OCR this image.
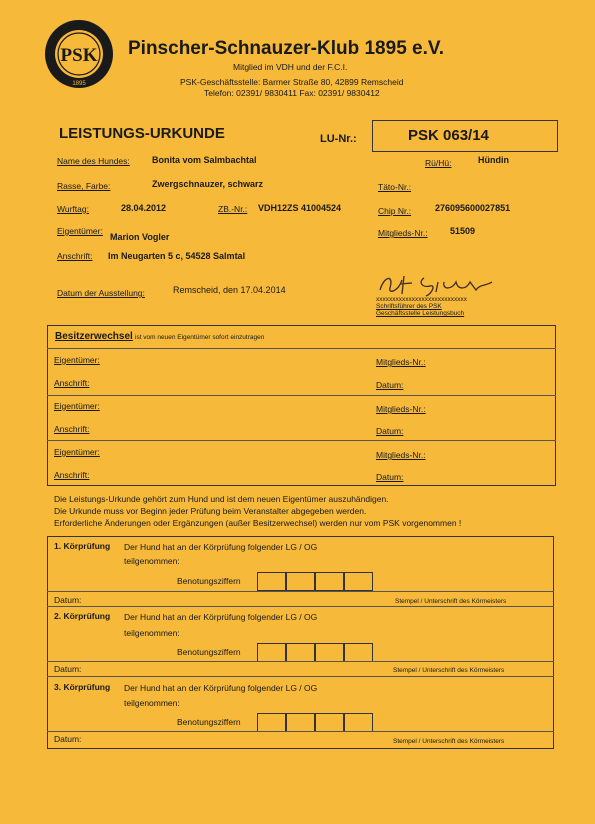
PSK
1895
Pinscher-Schnauzer-Klub 1895 e.V.
Mitglied im VDH und der F.C.I.
PSK-Geschäftsstelle: Barmer Straße 80, 42899 Remscheid
Telefon: 02391/ 9830411 Fax: 02391/ 9830412
LEISTUNGS-URKUNDE	LU-Nr.:	PSK 063/14
Name des Hundes: Bonita vom Salmbachtal	Rü/Hü:	Hündin
Rasse, Farbe:	Zwergschnauzer, schwarz	Täto-Nr.:
Wurftag:	28.04.2012	ZB.-Nr.: VDH12ZS 41004524	Chip Nr.:	276095600027851
Eigentümer:
Marion Vogler	Mitglieds-Nr.: 51509
Anschrift: Im Neugarten 5 c, 54528 Salmtal
Datum der Ausstellung:	Remscheid, den 17.04.2014
xxxxxxxxxxxxxxxxxxxxxxxxxxxx
Schriftsführer des PSK
Geschäftsstelle Leistungsbuch
Besitzerwechsel ist vom neuen Eigentümer sofort einzutragen
Eigentümer:	Mitglieds-Nr.:
Anschrift:	Datum:
Eigentümer:	Mitglieds-Nr.:
Anschrift:	Datum:
Eigentümer:	Mitglieds-Nr.:
Anschrift:	Datum:
Die Leistungs-Urkunde gehört zum Hund und ist dem neuen Eigentümer auszuhändigen.
Die Urkunde muss vor Beginn jeder Prüfung beim Veranstalter abgegeben werden.
Erforderliche Änderungen oder Ergänzungen (außer Besitzerwechsel) werden nur vom PSK vorgenommen !
1. Körprüfung Der Hund hat an der Körprüfung folgender LG / OG
teilgenommen:
Benotungsziffern
Datum:	Stempel / Unterschrift des Körmeisters
2. Körprüfung Der Hund hat an der Körprüfung folgender LG / OG
teilgenommen:
Benotungsziffern
Datum:	Stempel / Unterschrift des Körmeisters
3. Körprüfung Der Hund hat an der Körprüfung folgender LG / OG
teilgenommen:
Benotungsziffern
Datum:	Stempel / Unterschrift des Körmeisters
